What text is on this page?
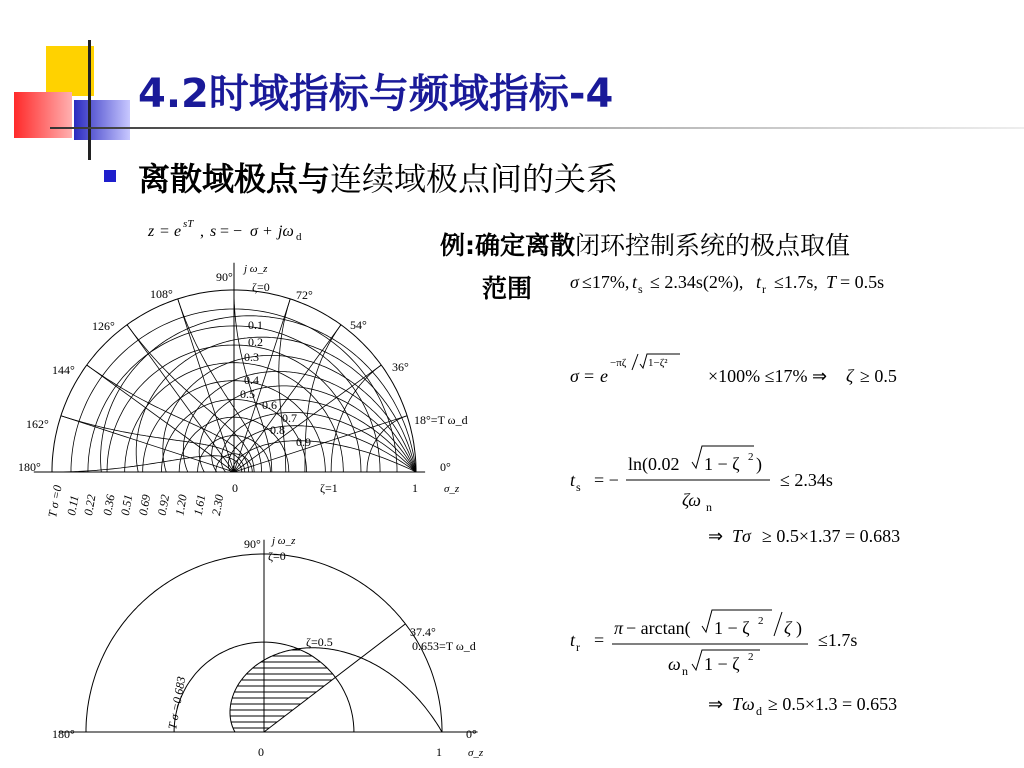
4.2时域指标与频域指标-4
离散域极点与连续域极点间的关系
例:确定离散闭环控制系统的极点取值
范围
z = e sT , s = − σ + jω d
σ ≤17%, t s ≤ 2.34s(2%), t r ≤1.7s, T = 0.5s
σ = e
−πζ 1−ζ²
×100% ≤17% ⇒ ζ ≥ 0.5
t s = −
ln(0.02 1 − ζ 2 )
ζω n
≤ 2.34s
⇒ Tσ ≥ 0.5×1.37 = 0.683
t r =
π − arctan( 1 − ζ 2 ζ )
ω n 1 − ζ 2
≤1.7s
⇒ Tω d ≥ 0.5×1.3 = 0.653
90°
108°	72°
126°	54°
144°	36°
162°	18°=T ω_d
180°	0°
j ω_z
ζ=0
0.1
0.2
0.3
0.4
0.5
0.6
0.7
0.8
0.9
ζ=1
0	1 σ_z
T σ =0 0.11 0.22 0.36 0.51 0.69 0.92 1.20 1.61 2.30
90° j ω_z
ζ=0
ζ=0.5
37.4°
0.653=T ω_d
180°	0°
0	1 σ_z
T σ =0.683
